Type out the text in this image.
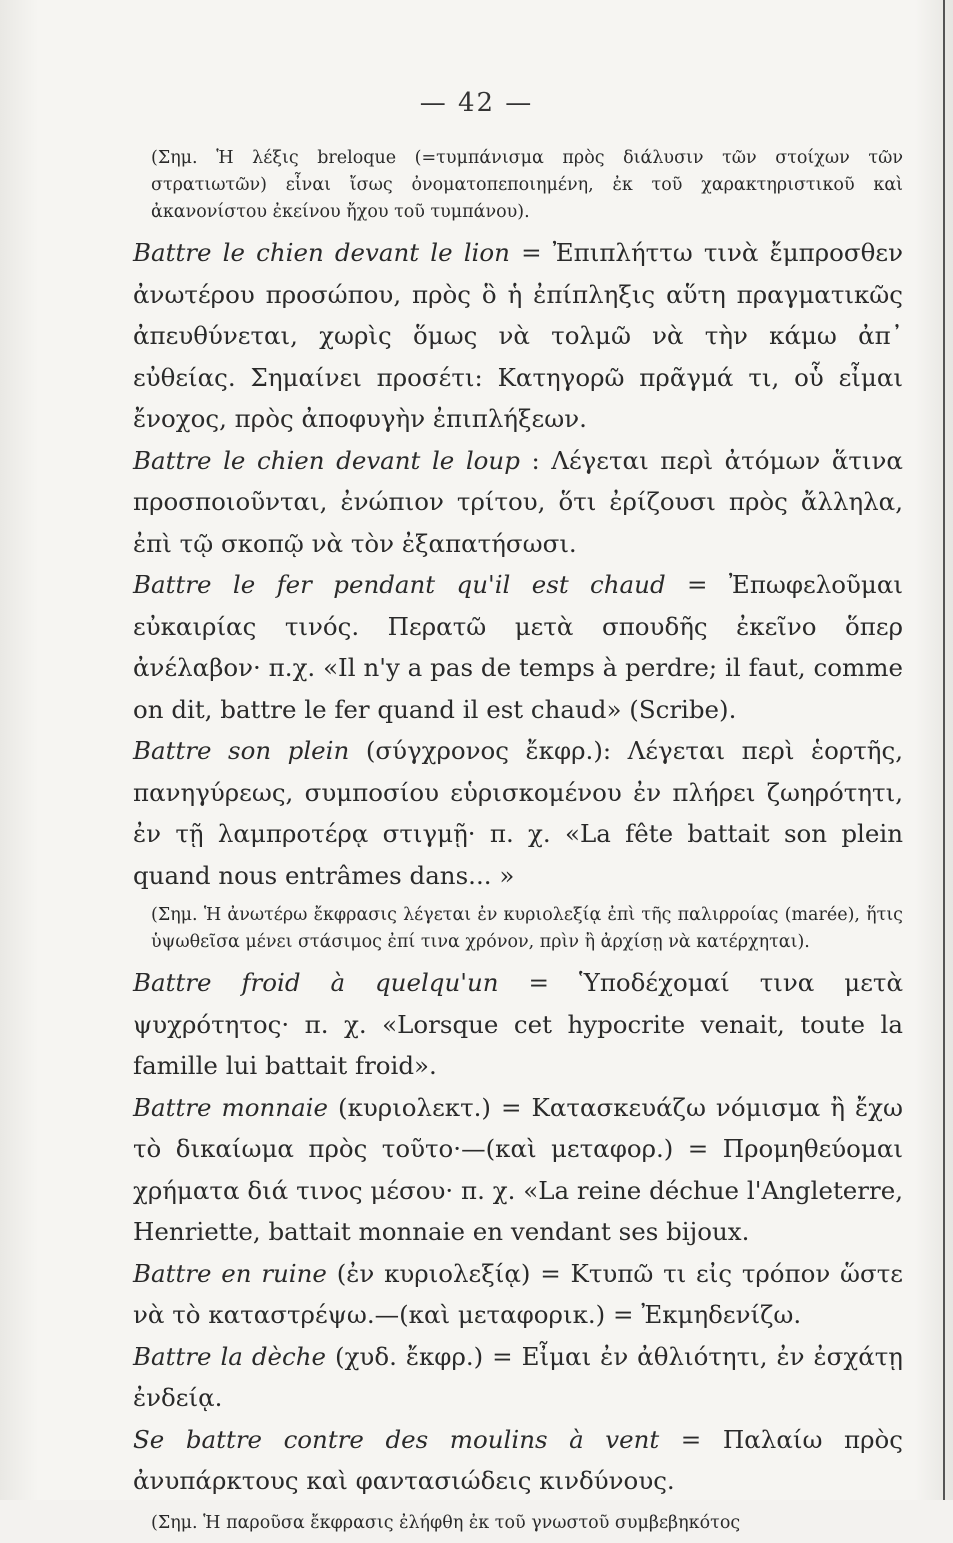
— 42 —

(Σημ. Ἡ λέξις breloque (=τυμπάνισμα πρὸς διάλυσιν τῶν στοίχων τῶν στρατιωτῶν) εἶναι ἴσως ὀνοματοπεποιημένη, ἐκ τοῦ χαρακτηριστικοῦ καὶ ἀκανονίστου ἐκείνου ἤχου τοῦ τυμπάνου).

Battre le chien devant le lion = Ἐπιπλήττω τινὰ ἔμπροσθεν ἀνωτέρου προσώπου, πρὸς ὃ ἡ ἐπίπληξις αὕτη πραγματικῶς ἀπευθύνεται, χωρὶς ὅμως νὰ τολμῶ νὰ τὴν κάμω ἀπ᾽ εὐθείας. Σημαίνει προσέτι: Κατηγορῶ πρᾶγμά τι, οὗ εἶμαι ἔνοχος, πρὸς ἀποφυγὴν ἐπιπλήξεων.

Battre le chien devant le loup : Λέγεται περὶ ἀτόμων ἅτινα προσποιοῦνται, ἐνώπιον τρίτου, ὅτι ἐρίζουσι πρὸς ἄλληλα, ἐπὶ τῷ σκοπῷ νὰ τὸν ἐξαπατήσωσι.

Battre le fer pendant qu'il est chaud = Ἐπωφελοῦμαι εὐκαιρίας τινός. Περατῶ μετὰ σπουδῆς ἐκεῖνο ὅπερ ἀνέλαβον· π.χ. «Il n'y a pas de temps à perdre; il faut, comme on dit, battre le fer quand il est chaud» (Scribe).

Battre son plein (σύγχρονος ἔκφρ.): Λέγεται περὶ ἑορτῆς, πανηγύρεως, συμποσίου εὑρισκομένου ἐν πλήρει ζωηρότητι, ἐν τῇ λαμπροτέρᾳ στιγμῇ· π. χ. «La fête battait son plein quand nous entrâmes dans... »

(Σημ. Ἡ ἀνωτέρω ἔκφρασις λέγεται ἐν κυριολεξίᾳ ἐπὶ τῆς παλιρροίας (marée), ἥτις ὑψωθεῖσα μένει στάσιμος ἐπί τινα χρόνον, πρὶν ἢ ἀρχίσῃ νὰ κατέρχηται).

Battre froid à quelqu'un = Ὑποδέχομαί τινα μετὰ ψυχρότητος· π. χ. «Lorsque cet hypocrite venait, toute la famille lui battait froid».

Battre monnaie (κυριολεκτ.) = Κατασκευάζω νόμισμα ἢ ἔχω τὸ δικαίωμα πρὸς τοῦτο·—(καὶ μεταφορ.) = Προμηθεύομαι χρήματα διά τινος μέσου· π. χ. «La reine déchue l'Angleterre, Henriette, battait monnaie en vendant ses bijoux.

Battre en ruine (ἐν κυριολεξίᾳ) = Κτυπῶ τι εἰς τρόπον ὥστε νὰ τὸ καταστρέψω.—(καὶ μεταφορικ.) = Ἐκμηδενίζω.

Battre la dèche (χυδ. ἔκφρ.) = Εἶμαι ἐν ἀθλιότητι, ἐν ἐσχάτῃ ἐνδείᾳ.

Se battre contre des moulins à vent = Παλαίω πρὸς ἀνυπάρκτους καὶ φαντασιώδεις κινδύνους.

(Σημ. Ἡ παροῦσα ἔκφρασις ἐλήφθη ἐκ τοῦ γνωστοῦ συμβεβηκότος
